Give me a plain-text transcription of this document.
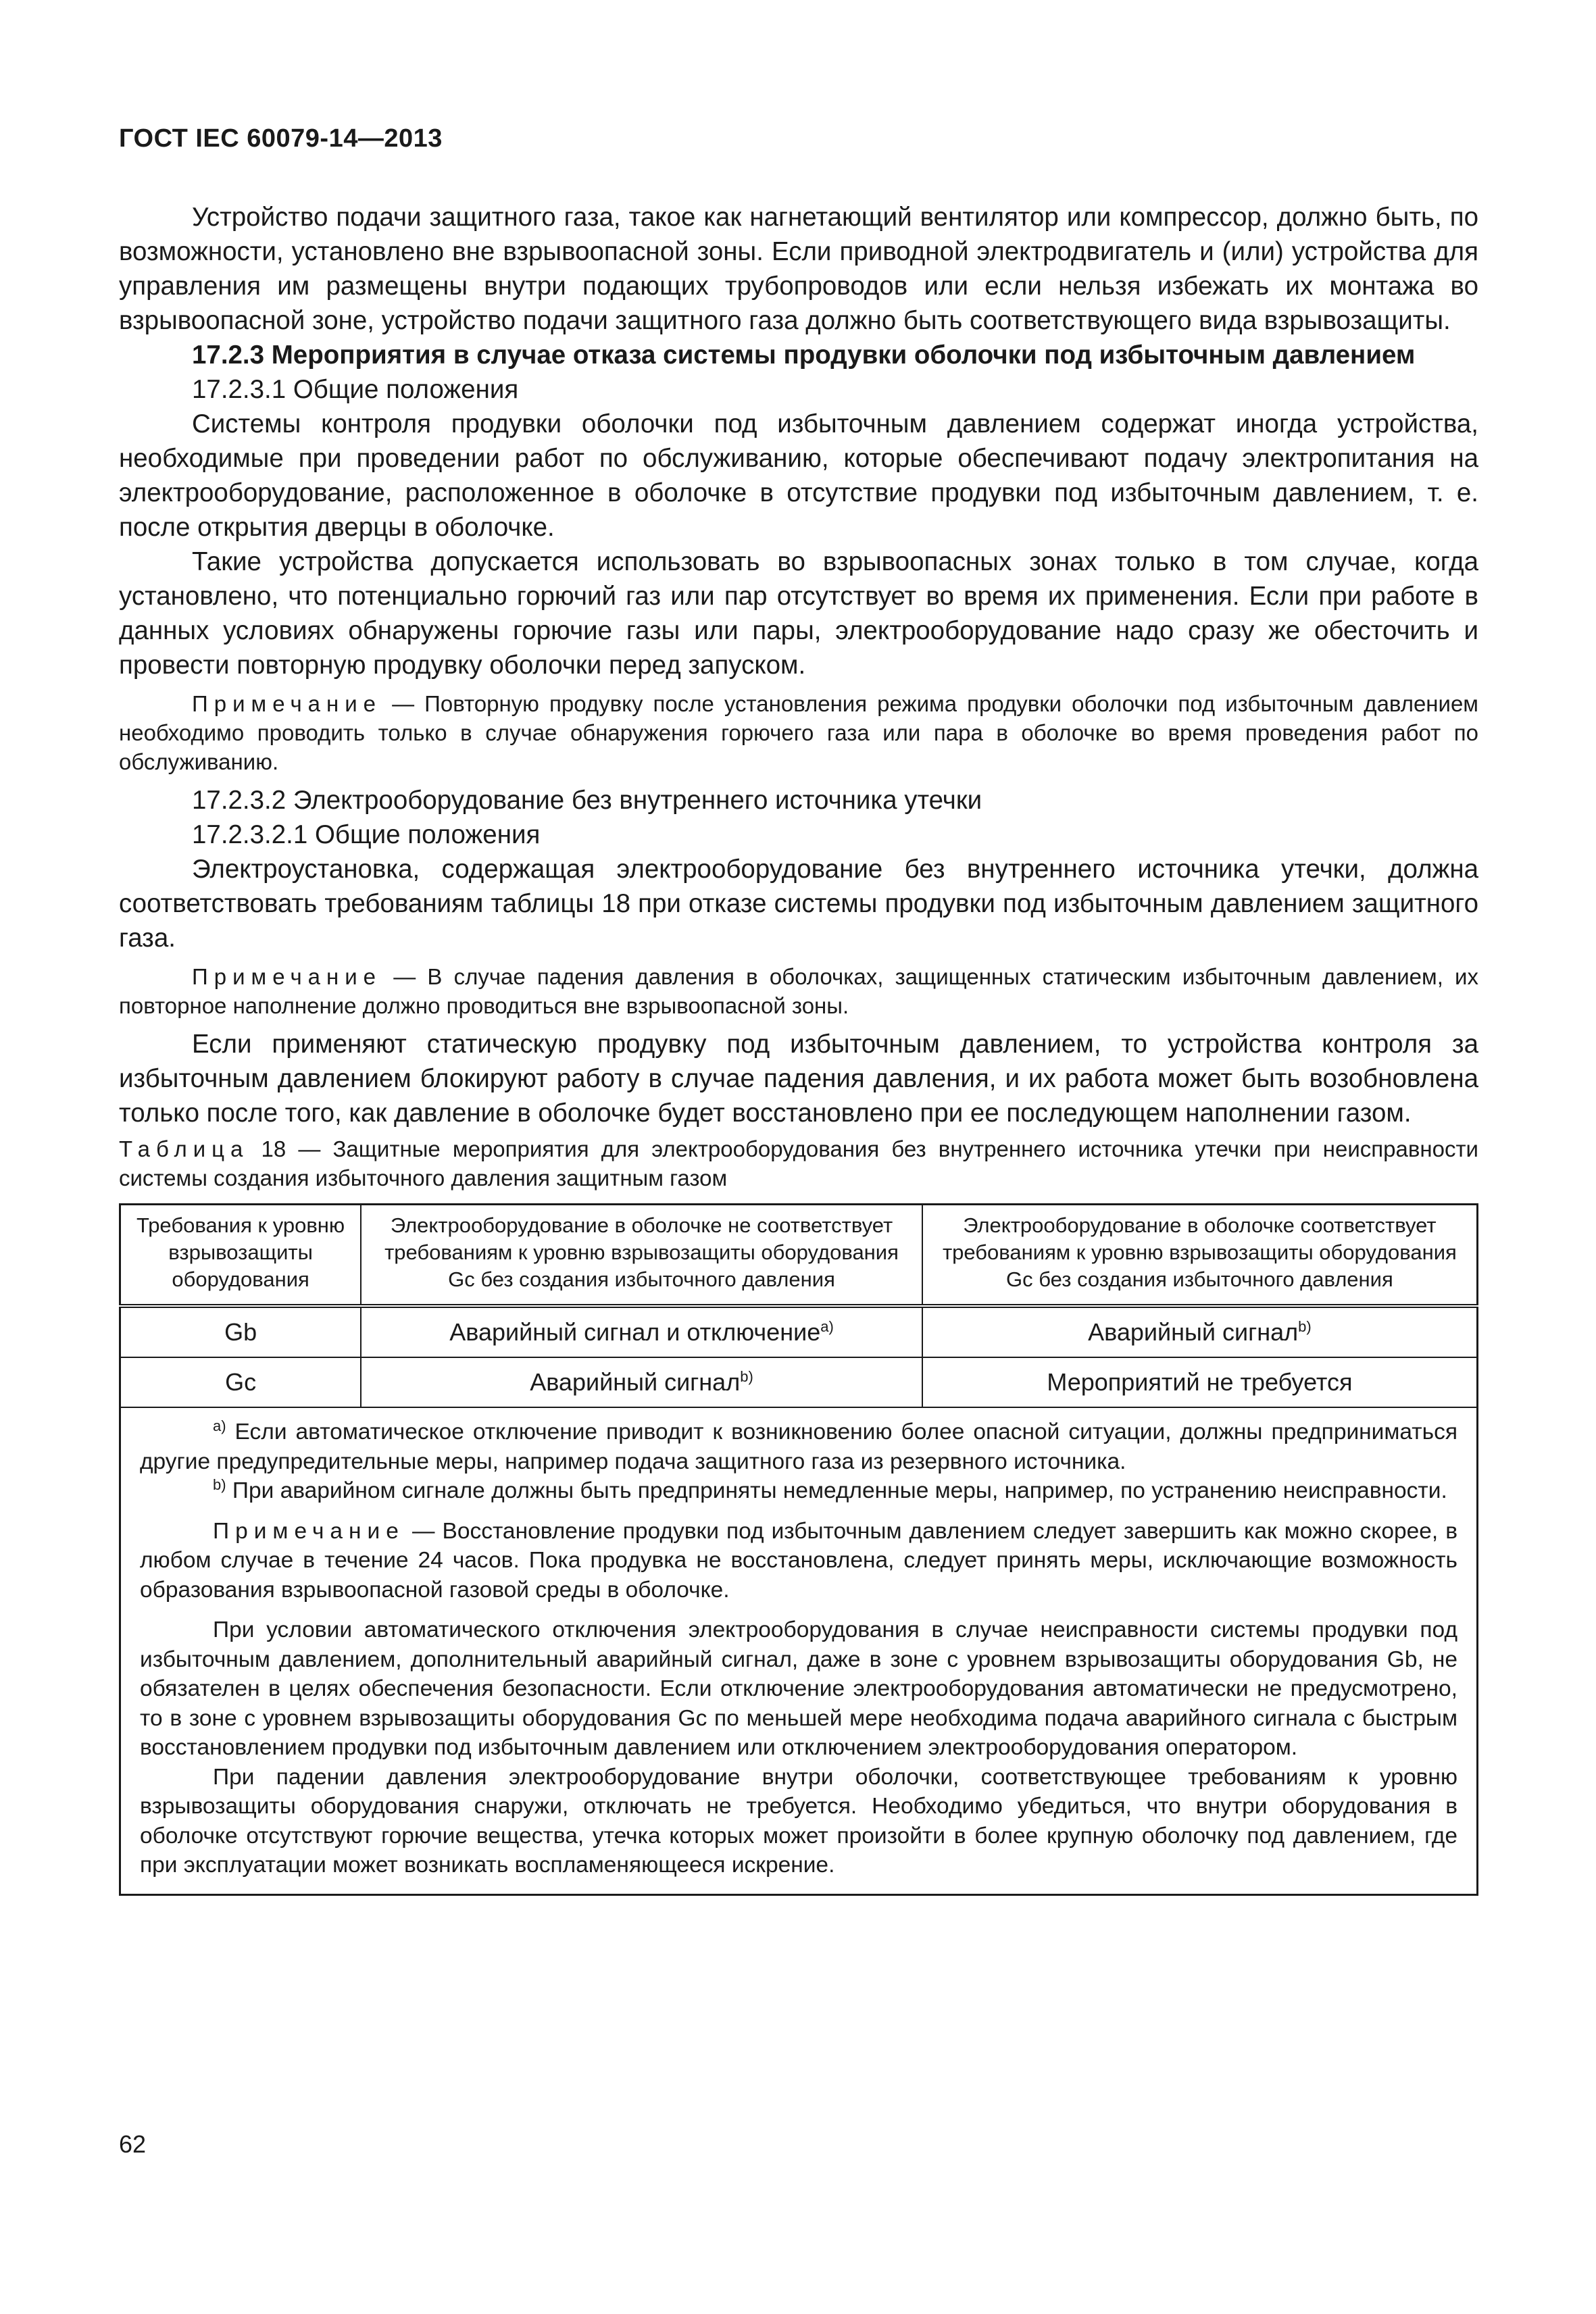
ГОСТ IEC 60079-14—2013

Устройство подачи защитного газа, такое как нагнетающий вентилятор или компрессор, должно быть, по возможности, установлено вне взрывоопасной зоны. Если приводной электродвигатель и (или) устройства для управления им размещены внутри подающих трубопроводов или если нельзя избежать их монтажа во взрывоопасной зоне, устройство подачи защитного газа должно быть соответствующего вида взрывозащиты.

17.2.3 Мероприятия в случае отказа системы продувки оболочки под избыточным давлением

17.2.3.1 Общие положения

Системы контроля продувки оболочки под избыточным давлением содержат иногда устройства, необходимые при проведении работ по обслуживанию, которые обеспечивают подачу электропитания на электрооборудование, расположенное в оболочке в отсутствие продувки под избыточным давлением, т. е. после открытия дверцы в оболочке.

Такие устройства допускается использовать во взрывоопасных зонах только в том случае, когда установлено, что потенциально горючий газ или пар отсутствует во время их применения. Если при работе в данных условиях обнаружены горючие газы или пары, электрооборудование надо сразу же обесточить и провести повторную продувку оболочки перед запуском.

Примечание — Повторную продувку после установления режима продувки оболочки под избыточным давлением необходимо проводить только в случае обнаружения горючего газа или пара в оболочке во время проведения работ по обслуживанию.

17.2.3.2 Электрооборудование без внутреннего источника утечки

17.2.3.2.1 Общие положения

Электроустановка, содержащая электрооборудование без внутреннего источника утечки, должна соответствовать требованиям таблицы 18 при отказе системы продувки под избыточным давлением защитного газа.

Примечание — В случае падения давления в оболочках, защищенных статическим избыточным давлением, их повторное наполнение должно проводиться вне взрывоопасной зоны.

Если применяют статическую продувку под избыточным давлением, то устройства контроля за избыточным давлением блокируют работу в случае падения давления, и их работа может быть возобновлена только после того, как давление в оболочке будет восстановлено при ее последующем наполнении газом.

Таблица 18 — Защитные мероприятия для электрооборудования без внутреннего источника утечки при неисправности системы создания избыточного давления защитным газом

Требования к уровню взрывозащиты оборудования	Электрооборудование в оболочке не соответствует требованиям к уровню взрывозащиты оборудования Gc без создания избыточного давления	Электрооборудование в оболочке соответствует требованиям к уровню взрывозащиты оборудования Gc без создания избыточного давления
Gb	Аварийный сигнал и отключение$^{a)}$	Аварийный сигнал$^{b)}$
Gc	Аварийный сигнал$^{b)}$	Мероприятий не требуется

$^{a)}$ Если автоматическое отключение приводит к возникновению более опасной ситуации, должны предприниматься другие предупредительные меры, например подача защитного газа из резервного источника.

$^{b)}$ При аварийном сигнале должны быть предприняты немедленные меры, например, по устранению неисправности.

Примечание — Восстановление продувки под избыточным давлением следует завершить как можно скорее, в любом случае в течение 24 часов. Пока продувка не восстановлена, следует принять меры, исключающие возможность образования взрывоопасной газовой среды в оболочке.

При условии автоматического отключения электрооборудования в случае неисправности системы продувки под избыточным давлением, дополнительный аварийный сигнал, даже в зоне с уровнем взрывозащиты оборудования Gb, не обязателен в целях обеспечения безопасности. Если отключение электрооборудования автоматически не предусмотрено, то в зоне с уровнем взрывозащиты оборудования Gc по меньшей мере необходима подача аварийного сигнала с быстрым восстановлением продувки под избыточным давлением или отключением электрооборудования оператором.

При падении давления электрооборудование внутри оболочки, соответствующее требованиям к уровню взрывозащиты оборудования снаружи, отключать не требуется. Необходимо убедиться, что внутри оборудования в оболочке отсутствуют горючие вещества, утечка которых может произойти в более крупную оболочку под давлением, где при эксплуатации может возникать воспламеняющееся искрение.		

62
